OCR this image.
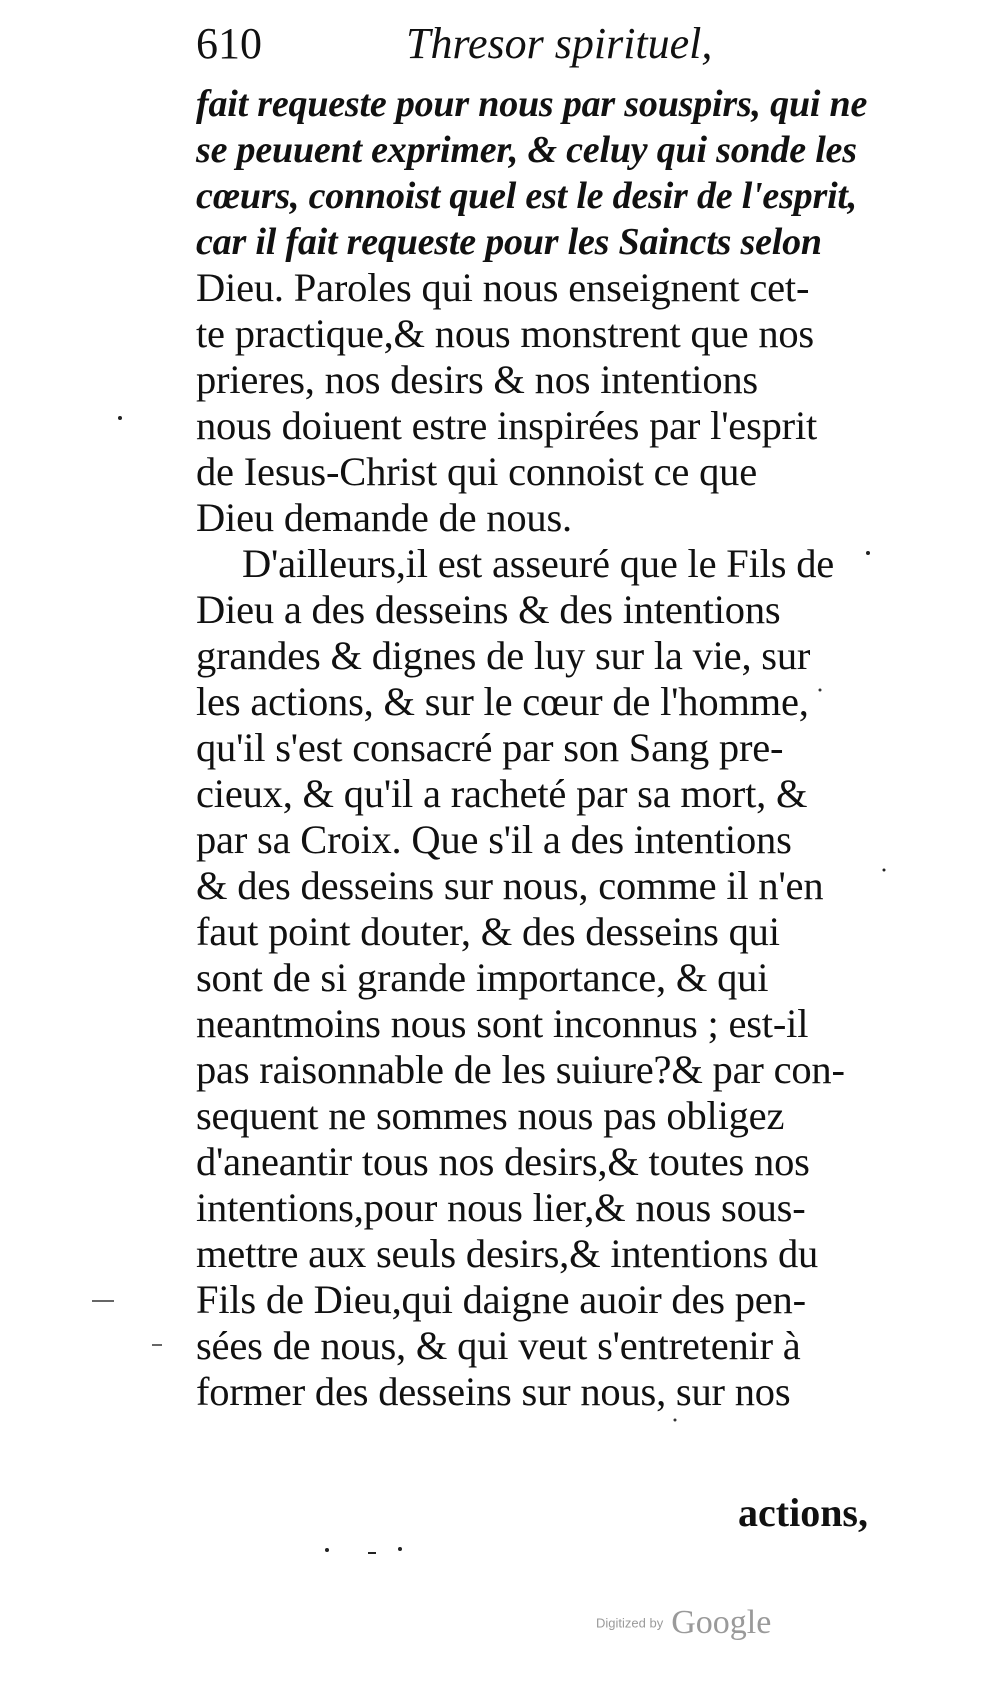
610	Thresor spirituel,
fait requeste pour nous par souspirs, qui ne
se peuuent exprimer, & celuy qui sonde les
cœurs, connoist quel est le desir de l'esprit,
car il fait requeste pour les Saincts selon
Dieu. Paroles qui nous enseignent cet-
te practique,& nous monstrent que nos
prieres, nos desirs & nos intentions
nous doiuent estre inspirées par l'esprit
de Iesus-Christ qui connoist ce que
Dieu demande de nous.
D'ailleurs,il est asseuré que le Fils de
Dieu a des desseins & des intentions
grandes & dignes de luy sur la vie, sur
les actions, & sur le cœur de l'homme,
qu'il s'est consacré par son Sang pre-
cieux, & qu'il a racheté par sa mort, &
par sa Croix. Que s'il a des intentions
& des desseins sur nous, comme il n'en
faut point douter, & des desseins qui
sont de si grande importance, & qui
neantmoins nous sont inconnus ; est-il
pas raisonnable de les suiure?& par con-
sequent ne sommes nous pas obligez
d'aneantir tous nos desirs,& toutes nos
intentions,pour nous lier,& nous sous-
mettre aux seuls desirs,& intentions du
Fils de Dieu,qui daigne auoir des pen-
sées de nous, & qui veut s'entretenir à
former des desseins sur nous, sur nos
actions,
Digitized by Google
